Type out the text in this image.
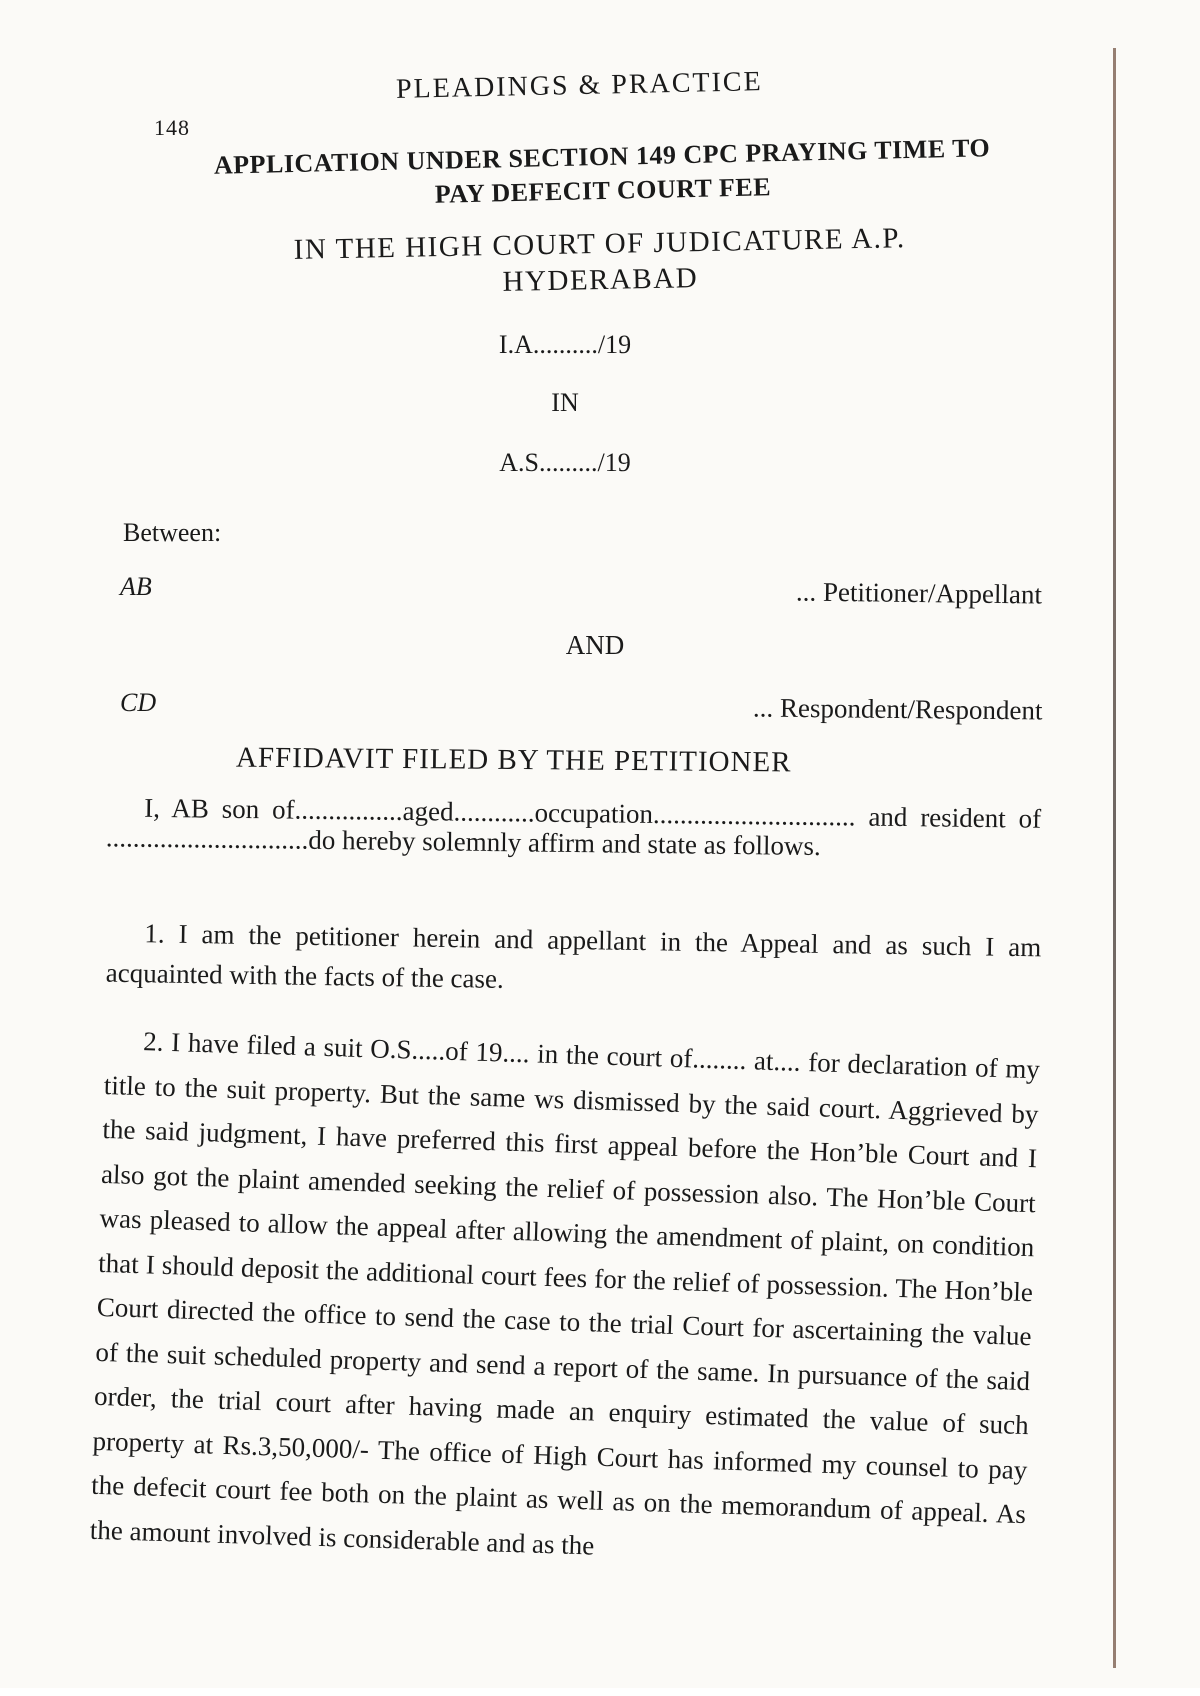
PLEADINGS & PRACTICE
148
APPLICATION UNDER SECTION 149 CPC PRAYING TIME TO
PAY DEFECIT COURT FEE
IN THE HIGH COURT OF JUDICATURE A.P.
HYDERABAD
I.A........../19
IN
A.S........./19
Between:
AB	... Petitioner/Appellant
AND
CD	... Respondent/Respondent
AFFIDAVIT FILED BY THE PETITIONER
I, AB son of................aged............occupation.............................. and resident of ..............................do hereby solemnly affirm and state as follows.
1. I am the petitioner herein and appellant in the Appeal and as such I am acquainted with the facts of the case.
2. I have filed a suit O.S.....of 19.... in the court of........ at.... for declaration of my title to the suit property. But the same ws dismissed by the said court. Aggrieved by the said judgment, I have preferred this first appeal before the Hon’ble Court and I also got the plaint amended seeking the relief of possession also. The Hon’ble Court was pleased to allow the appeal after allowing the amendment of plaint, on condition that I should deposit the additional court fees for the relief of possession. The Hon’ble Court directed the office to send the case to the trial Court for ascertaining the value of the suit scheduled property and send a report of the same. In pursuance of the said order, the trial court after having made an enquiry estimated the value of such property at Rs.3,50,000/- The office of High Court has informed my counsel to pay the defecit court fee both on the plaint as well as on the memorandum of appeal. As the amount involved is considerable and as the
